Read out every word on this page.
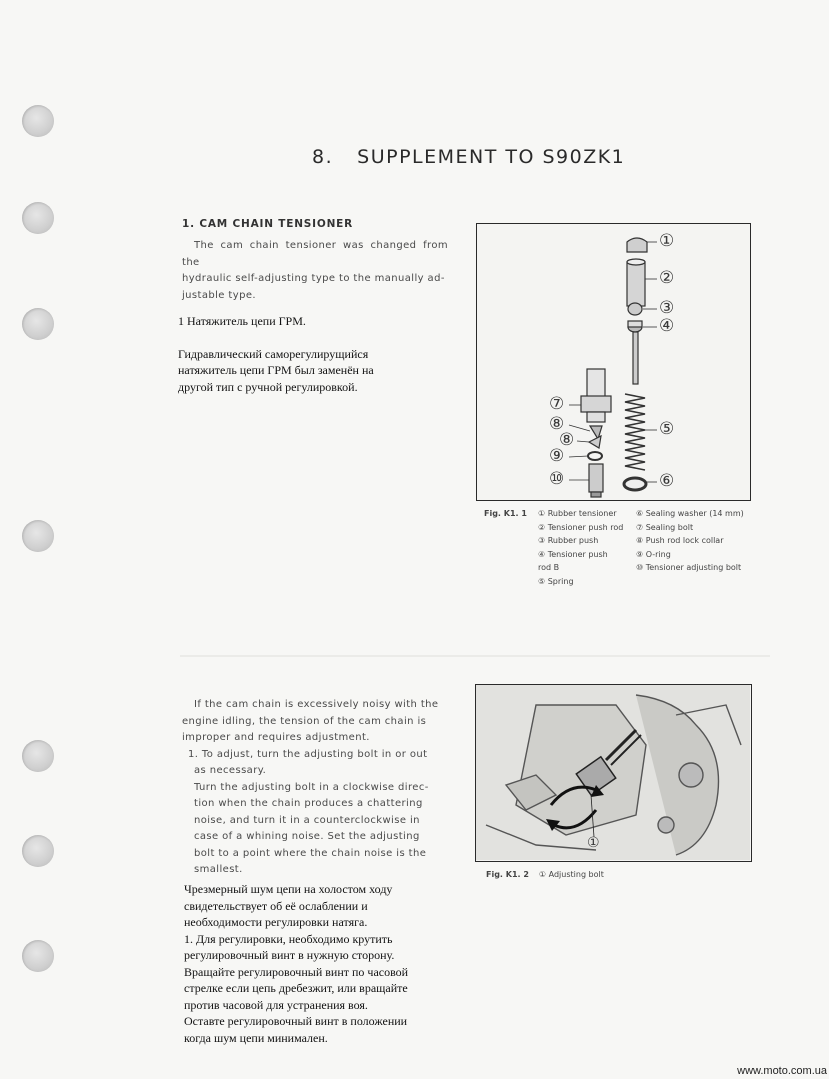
8. SUPPLEMENT TO S90ZK1
1. CAM CHAIN TENSIONER

The cam chain tensioner was changed from the

hydraulic self-adjusting type to the manually ad-

justable type.

1 Натяжитель цепи ГРМ.

Гидравлический саморегулирущийся

натяжитель цепи ГРМ был заменён на

другой тип с ручной регулировкой.

①
②
③
④
⑤
⑥
⑦
⑧
⑧
⑨
⑩
Fig. K1. 1 ① Rubber tensioner
② Tensioner push rod
③ Rubber push
④ Tensioner push
rod B
⑤ Spring
⑥ Sealing washer (14 mm)
⑦ Sealing bolt
⑧ Push rod lock collar
⑨ O-ring
⑩ Tensioner adjusting bolt

If the cam chain is excessively noisy with the

engine idling, the tension of the cam chain is

improper and requires adjustment.

1. To adjust, turn the adjusting bolt in or out

as necessary.

Turn the adjusting bolt in a clockwise direc-

tion when the chain produces a chattering

noise, and turn it in a counterclockwise in

case of a whining noise. Set the adjusting

bolt to a point where the chain noise is the

smallest.

Чрезмерный шум цепи на холостом ходу

свидетельствует об её ослаблении и

необходимости регулировки натяга.

1. Для регулировки, необходимо крутить

регулировочный винт в нужную сторону.

Вращайте регулировочный винт по часовой

стрелке если цепь дребезжит, или вращайте

против часовой для устранения воя.

Оставте регулировочный винт в положении

когда шум цепи минимален.

①
Fig. K1. 2 ① Adjusting bolt
www.moto.com.ua
